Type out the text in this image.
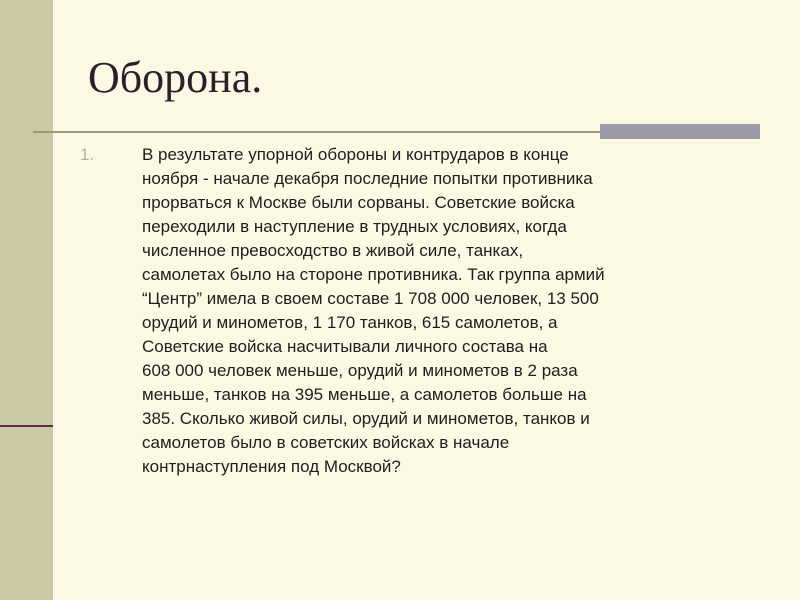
Оборона.
1.	В результате упорной обороны и контрударов в конце
ноября - начале декабря последние попытки противника
прорваться к Москве были сорваны. Советские войска
переходили в наступление в трудных условиях, когда
численное превосходство в живой силе, танках,
самолетах было на стороне противника. Так группа армий
“Центр” имела в своем составе 1 708 000 человек, 13 500
орудий и минометов, 1 170 танков, 615 самолетов, а
Советские войска насчитывали личного состава на
608 000 человек меньше, орудий и минометов в 2 раза
меньше, танков на 395 меньше, а самолетов больше на
385. Сколько живой силы, орудий и минометов, танков и
самолетов было в советских войсках в начале
контрнаступления под Москвой?
